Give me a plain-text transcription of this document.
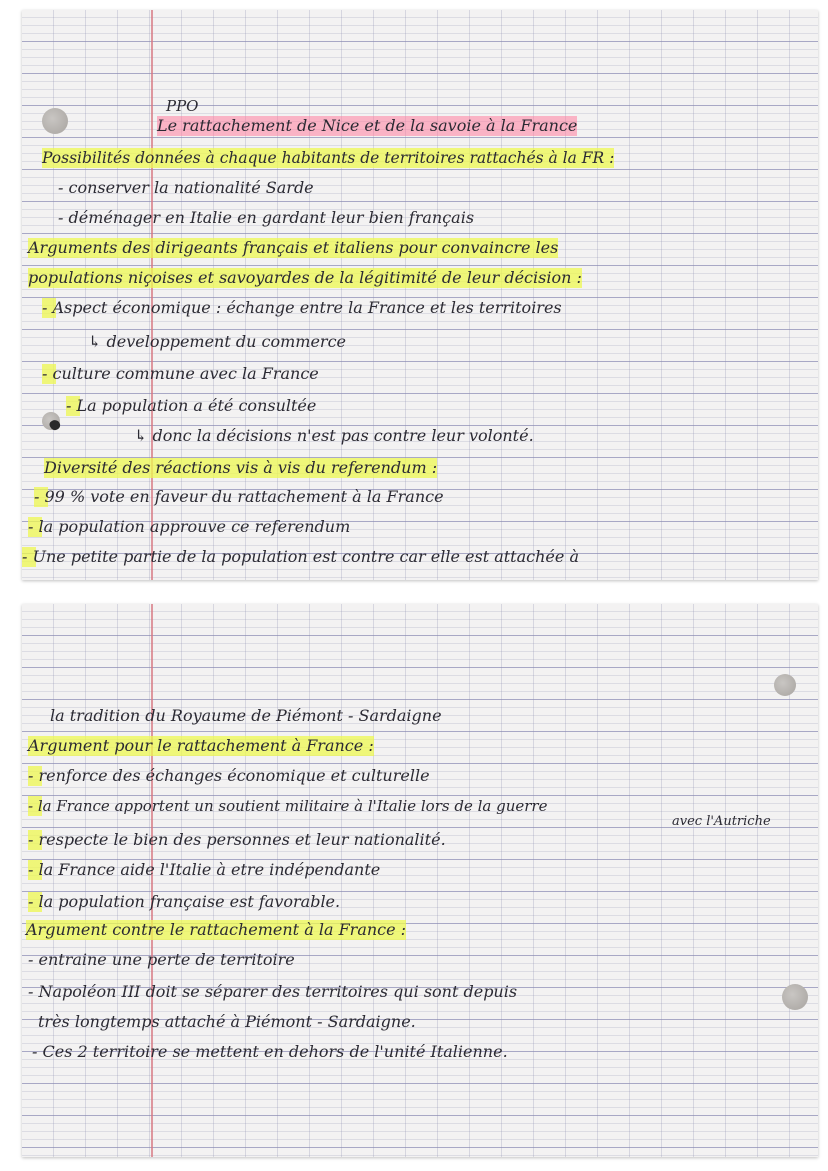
PPO
Le rattachement de Nice et de la savoie à la France
Possibilités données à chaque habitants de territoires rattachés à la FR :
- conserver la nationalité Sarde
- déménager en Italie en gardant leur bien français
Arguments des dirigeants français et italiens pour convaincre les
populations niçoises et savoyardes de la légitimité de leur décision :
- Aspect économique : échange entre la France et les territoires
↳ developpement du commerce
- culture commune avec la France
- La population a été consultée
↳ donc la décisions n'est pas contre leur volonté.
Diversité des réactions vis à vis du referendum :
- 99 % vote en faveur du rattachement à la France
- la population approuve ce referendum
- Une petite partie de la population est contre car elle est attachée à
la tradition du Royaume de Piémont - Sardaigne
Argument pour le rattachement à France :
- renforce des échanges économique et culturelle
- la France apportent un soutient militaire à l'Italie lors de la guerre
avec l'Autriche
- respecte le bien des personnes et leur nationalité.
- la France aide l'Italie à etre indépendante
- la population française est favorable.
Argument contre le rattachement à la France :
- entraine une perte de territoire
- Napoléon III doit se séparer des territoires qui sont depuis
très longtemps attaché à Piémont - Sardaigne.
- Ces 2 territoire se mettent en dehors de l'unité Italienne.
